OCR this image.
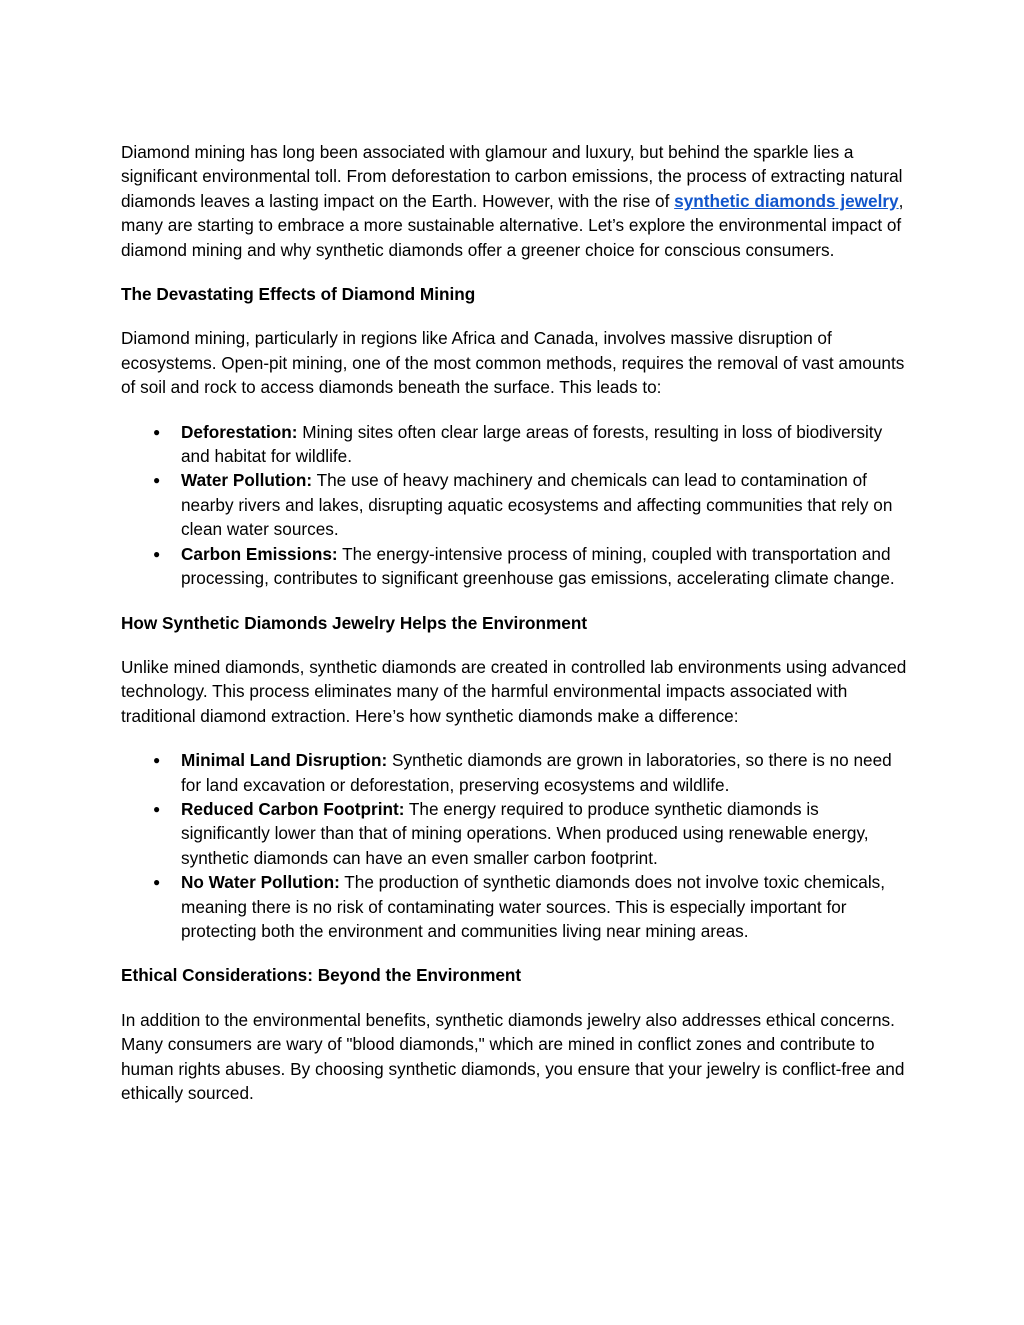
Diamond mining has long been associated with glamour and luxury, but behind the sparkle lies a significant environmental toll. From deforestation to carbon emissions, the process of extracting natural diamonds leaves a lasting impact on the Earth. However, with the rise of synthetic diamonds jewelry, many are starting to embrace a more sustainable alternative. Let’s explore the environmental impact of diamond mining and why synthetic diamonds offer a greener choice for conscious consumers.

The Devastating Effects of Diamond Mining

Diamond mining, particularly in regions like Africa and Canada, involves massive disruption of ecosystems. Open-pit mining, one of the most common methods, requires the removal of vast amounts of soil and rock to access diamonds beneath the surface. This leads to:

● Deforestation: Mining sites often clear large areas of forests, resulting in loss of biodiversity and habitat for wildlife.
● Water Pollution: The use of heavy machinery and chemicals can lead to contamination of nearby rivers and lakes, disrupting aquatic ecosystems and affecting communities that rely on clean water sources.
● Carbon Emissions: The energy-intensive process of mining, coupled with transportation and processing, contributes to significant greenhouse gas emissions, accelerating climate change.

How Synthetic Diamonds Jewelry Helps the Environment

Unlike mined diamonds, synthetic diamonds are created in controlled lab environments using advanced technology. This process eliminates many of the harmful environmental impacts associated with traditional diamond extraction. Here’s how synthetic diamonds make a difference:

● Minimal Land Disruption: Synthetic diamonds are grown in laboratories, so there is no need for land excavation or deforestation, preserving ecosystems and wildlife.
● Reduced Carbon Footprint: The energy required to produce synthetic diamonds is significantly lower than that of mining operations. When produced using renewable energy, synthetic diamonds can have an even smaller carbon footprint.
● No Water Pollution: The production of synthetic diamonds does not involve toxic chemicals, meaning there is no risk of contaminating water sources. This is especially important for protecting both the environment and communities living near mining areas.

Ethical Considerations: Beyond the Environment

In addition to the environmental benefits, synthetic diamonds jewelry also addresses ethical concerns. Many consumers are wary of "blood diamonds," which are mined in conflict zones and contribute to human rights abuses. By choosing synthetic diamonds, you ensure that your jewelry is conflict-free and ethically sourced.
